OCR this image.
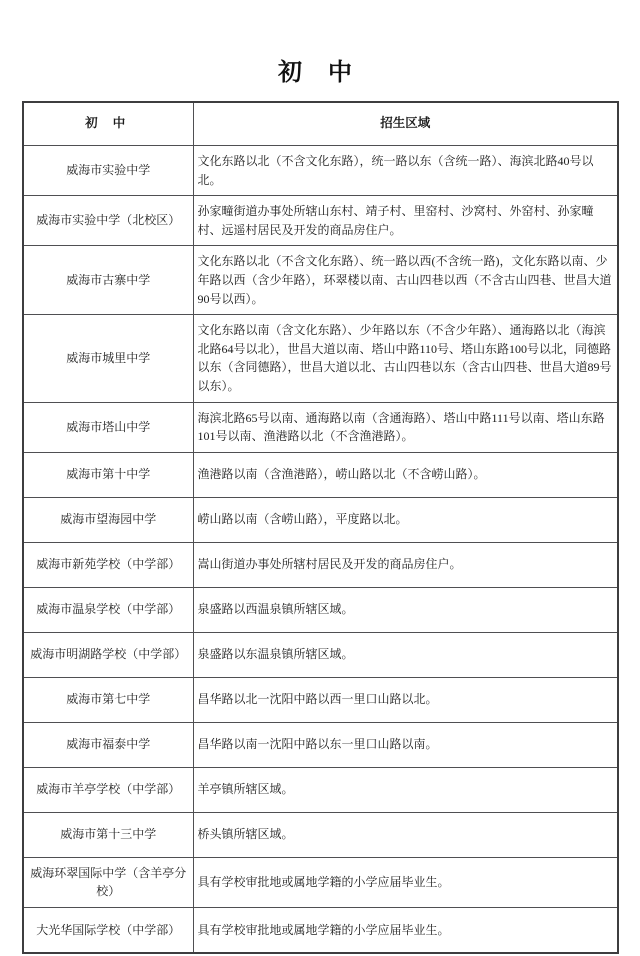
初 中
初 中	招生区域
威海市实验中学	文化东路以北（不含文化东路），统一路以东（含统一路）、海滨北路40号以北。
威海市实验中学（北校区）	孙家疃街道办事处所辖山东村、靖子村、里窑村、沙窝村、外窑村、孙家疃村、远遥村居民及开发的商品房住户。
威海市古寨中学	文化东路以北（不含文化东路）、统一路以西(不含统一路)，文化东路以南、少年路以西（含少年路），环翠楼以南、古山四巷以西（不含古山四巷、世昌大道90号以西）。
威海市城里中学	文化东路以南（含文化东路）、少年路以东（不含少年路）、通海路以北（海滨北路64号以北），世昌大道以南、塔山中路110号、塔山东路100号以北，同德路以东（含同德路），世昌大道以北、古山四巷以东（含古山四巷、世昌大道89号以东）。
威海市塔山中学	海滨北路65号以南、通海路以南（含通海路）、塔山中路111号以南、塔山东路101号以南、渔港路以北（不含渔港路）。
威海市第十中学	渔港路以南（含渔港路），崂山路以北（不含崂山路）。
威海市望海园中学	崂山路以南（含崂山路），平度路以北。
威海市新苑学校（中学部）	嵩山街道办事处所辖村居民及开发的商品房住户。
威海市温泉学校（中学部）	泉盛路以西温泉镇所辖区域。
威海市明湖路学校（中学部）	泉盛路以东温泉镇所辖区域。
威海市第七中学	昌华路以北一沈阳中路以西一里口山路以北。
威海市福泰中学	昌华路以南一沈阳中路以东一里口山路以南。
威海市羊亭学校（中学部）	羊亭镇所辖区域。
威海市第十三中学	桥头镇所辖区域。
威海环翠国际中学（含羊亭分校）	具有学校审批地或属地学籍的小学应届毕业生。
大光华国际学校（中学部）	具有学校审批地或属地学籍的小学应届毕业生。
